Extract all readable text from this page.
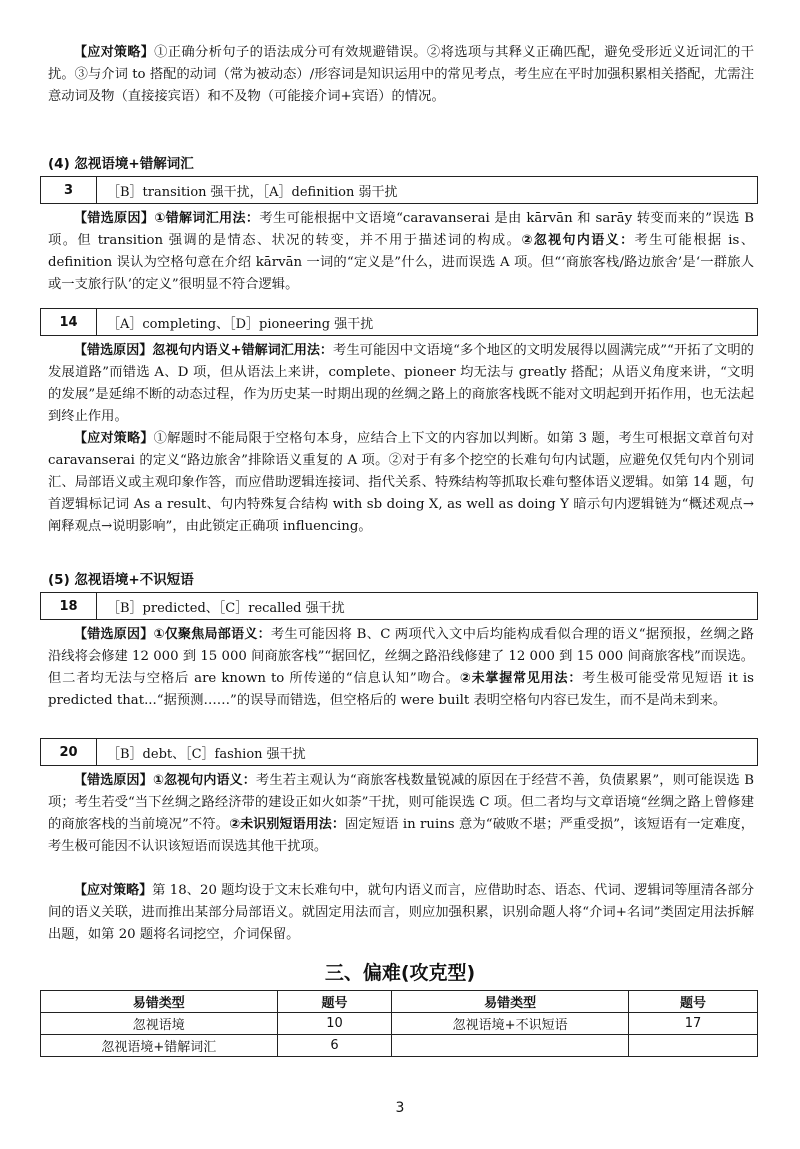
【应对策略】①正确分析句子的语法成分可有效规避错误。②将选项与其释义正确匹配，避免受形近义近词汇的干扰。③与介词 to 搭配的动词（常为被动态）/形容词是知识运用中的常见考点，考生应在平时加强积累相关搭配，尤需注意动词及物（直接接宾语）和不及物（可能接介词+宾语）的情况。

(4) 忽视语境+错解词汇

3	［B］transition 强干扰，［A］definition 弱干扰

【错选原因】①错解词汇用法：考生可能根据中文语境“caravanserai 是由 kārvān 和 sarāy 转变而来的”误选 B 项。但 transition 强调的是情态、状况的转变，并不用于描述词的构成。②忽视句内语义：考生可能根据 is、definition 误认为空格句意在介绍 kārvān 一词的“定义是”什么，进而误选 A 项。但“‘商旅客栈/路边旅舍’是‘一群旅人或一支旅行队’的定义”很明显不符合逻辑。

14	［A］completing、［D］pioneering 强干扰

【错选原因】忽视句内语义+错解词汇用法：考生可能因中文语境“多个地区的文明发展得以圆满完成”“开拓了文明的发展道路”而错选 A、D 项，但从语法上来讲，complete、pioneer 均无法与 greatly 搭配；从语义角度来讲，“文明的发展”是延绵不断的动态过程，作为历史某一时期出现的丝绸之路上的商旅客栈既不能对文明起到开拓作用，也无法起到终止作用。

【应对策略】①解题时不能局限于空格句本身，应结合上下文的内容加以判断。如第 3 题，考生可根据文章首句对 caravanserai 的定义“路边旅舍”排除语义重复的 A 项。②对于有多个挖空的长难句句内试题，应避免仅凭句内个别词汇、局部语义或主观印象作答，而应借助逻辑连接词、指代关系、特殊结构等抓取长难句整体语义逻辑。如第 14 题，句首逻辑标记词 As a result、句内特殊复合结构 with sb doing X, as well as doing Y 暗示句内逻辑链为“概述观点→阐释观点→说明影响”，由此锁定正确项 influencing。

(5) 忽视语境+不识短语

18	［B］predicted、［C］recalled 强干扰

【错选原因】①仅聚焦局部语义：考生可能因将 B、C 两项代入文中后均能构成看似合理的语义“据预报，丝绸之路沿线将会修建 12 000 到 15 000 间商旅客栈”“据回忆，丝绸之路沿线修建了 12 000 到 15 000 间商旅客栈”而误选。但二者均无法与空格后 are known to 所传递的“信息认知”吻合。②未掌握常见用法：考生极可能受常见短语 it is predicted that...“据预测……”的误导而错选，但空格后的 were built 表明空格句内容已发生，而不是尚未到来。

20	［B］debt、［C］fashion 强干扰

【错选原因】①忽视句内语义：考生若主观认为“商旅客栈数量锐减的原因在于经营不善，负债累累”，则可能误选 B 项；考生若受“当下丝绸之路经济带的建设正如火如荼”干扰，则可能误选 C 项。但二者均与文章语境“丝绸之路上曾修建的商旅客栈的当前境况”不符。②未识别短语用法：固定短语 in ruins 意为“破败不堪；严重受损”，该短语有一定难度，考生极可能因不认识该短语而误选其他干扰项。

【应对策略】第 18、20 题均设于文末长难句中，就句内语义而言，应借助时态、语态、代词、逻辑词等厘清各部分间的语义关联，进而推出某部分局部语义。就固定用法而言，则应加强积累，识别命题人将“介词+名词”类固定用法拆解出题，如第 20 题将名词挖空，介词保留。

三、偏难(攻克型)
易错类型	题号	易错类型	题号
忽视语境	10	忽视语境+不识短语	17
忽视语境+错解词汇	6		
3
